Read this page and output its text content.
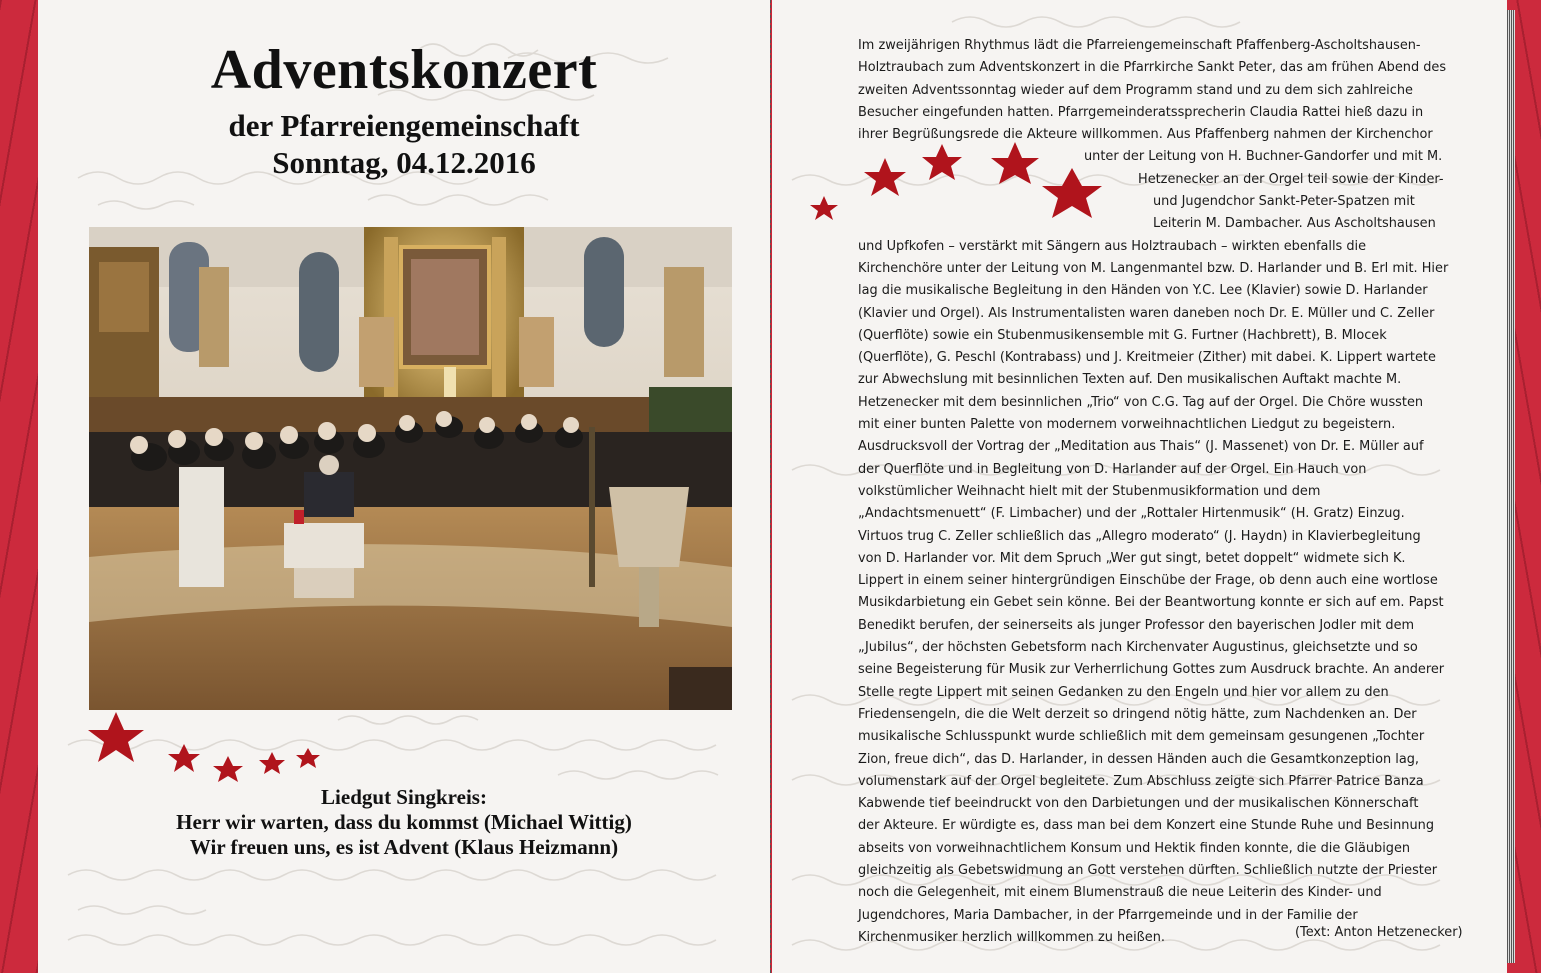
Adventskonzert
der Pfarreiengemeinschaft
Sonntag, 04.12.2016
Liedgut Singkreis:
Herr wir warten, dass du kommst (Michael Wittig)
Wir freuen uns, es ist Advent (Klaus Heizmann)
Im zweijährigen Rhythmus lädt die Pfarreiengemeinschaft Pfaffenberg-Ascholtshausen-
Holztraubach zum Adventskonzert in die Pfarrkirche Sankt Peter, das am frühen Abend des
zweiten Adventssonntag wieder auf dem Programm stand und zu dem sich zahlreiche
Besucher eingefunden hatten. Pfarrgemeinderatssprecherin Claudia Rattei hieß dazu in
ihrer Begrüßungsrede die Akteure willkommen. Aus Pfaffenberg nahmen der Kirchenchor
unter der Leitung von H. Buchner-Gandorfer und mit M.
Hetzenecker an der Orgel teil sowie der Kinder-
und Jugendchor Sankt-Peter-Spatzen mit
Leiterin M. Dambacher. Aus Ascholtshausen
und Upfkofen – verstärkt mit Sängern aus Holztraubach – wirkten ebenfalls die
Kirchenchöre unter der Leitung von M. Langenmantel bzw. D. Harlander und B. Erl mit. Hier
lag die musikalische Begleitung in den Händen von Y.C. Lee (Klavier) sowie D. Harlander
(Klavier und Orgel). Als Instrumentalisten waren daneben noch Dr. E. Müller und C. Zeller
(Querflöte) sowie ein Stubenmusikensemble mit G. Furtner (Hachbrett), B. Mlocek
(Querflöte), G. Peschl (Kontrabass) und J. Kreitmeier (Zither) mit dabei. K. Lippert wartete
zur Abwechslung mit besinnlichen Texten auf. Den musikalischen Auftakt machte M.
Hetzenecker mit dem besinnlichen „Trio“ von C.G. Tag auf der Orgel. Die Chöre wussten
mit einer bunten Palette von modernem vorweihnachtlichen Liedgut zu begeistern.
Ausdrucksvoll der Vortrag der „Meditation aus Thais“ (J. Massenet) von Dr. E. Müller auf
der Querflöte und in Begleitung von D. Harlander auf der Orgel. Ein Hauch von
volkstümlicher Weihnacht hielt mit der Stubenmusikformation und dem
„Andachtsmenuett“ (F. Limbacher) und der „Rottaler Hirtenmusik“ (H. Gratz) Einzug.
Virtuos trug C. Zeller schließlich das „Allegro moderato“ (J. Haydn) in Klavierbegleitung
von D. Harlander vor. Mit dem Spruch „Wer gut singt, betet doppelt“ widmete sich K.
Lippert in einem seiner hintergründigen Einschübe der Frage, ob denn auch eine wortlose
Musikdarbietung ein Gebet sein könne. Bei der Beantwortung konnte er sich auf em. Papst
Benedikt berufen, der seinerseits als junger Professor den bayerischen Jodler mit dem
„Jubilus“, der höchsten Gebetsform nach Kirchenvater Augustinus, gleichsetzte und so
seine Begeisterung für Musik zur Verherrlichung Gottes zum Ausdruck brachte. An anderer
Stelle regte Lippert mit seinen Gedanken zu den Engeln und hier vor allem zu den
Friedensengeln, die die Welt derzeit so dringend nötig hätte, zum Nachdenken an. Der
musikalische Schlusspunkt wurde schließlich mit dem gemeinsam gesungenen „Tochter
Zion, freue dich“, das D. Harlander, in dessen Händen auch die Gesamtkonzeption lag,
volumenstark auf der Orgel begleitete. Zum Abschluss zeigte sich Pfarrer Patrice Banza
Kabwende tief beeindruckt von den Darbietungen und der musikalischen Könnerschaft
der Akteure. Er würdigte es, dass man bei dem Konzert eine Stunde Ruhe und Besinnung
abseits von vorweihnachtlichem Konsum und Hektik finden konnte, die die Gläubigen
gleichzeitig als Gebetswidmung an Gott verstehen dürften. Schließlich nutzte der Priester
noch die Gelegenheit, mit einem Blumenstrauß die neue Leiterin des Kinder- und
Jugendchores, Maria Dambacher, in der Pfarrgemeinde und in der Familie der
Kirchenmusiker herzlich willkommen zu heißen.	(Text: Anton Hetzenecker)
